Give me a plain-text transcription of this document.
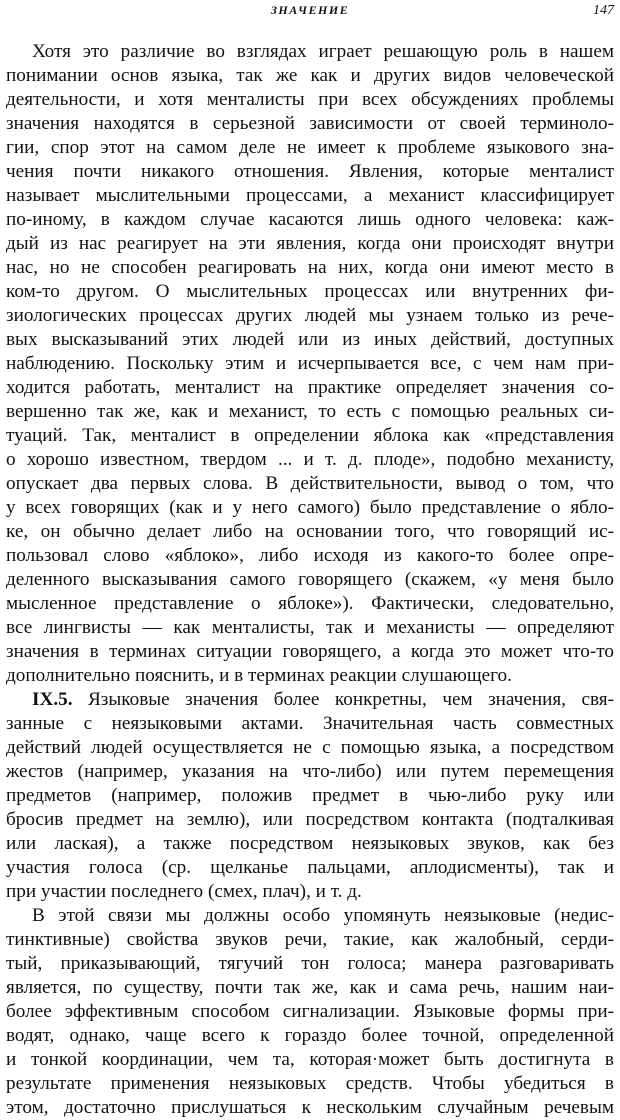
ЗНАЧЕНИЕ	147
Хотя это различие во взглядах играет решающую роль в нашем
понимании основ языка, так же как и других видов человеческой
деятельности, и хотя менталисты при всех обсуждениях проблемы
значения находятся в серьезной зависимости от своей терминоло-
гии, спор этот на самом деле не имеет к проблеме языкового зна-
чения почти никакого отношения. Явления, которые менталист
называет мыслительными процессами, а механист классифицирует
по-иному, в каждом случае касаются лишь одного человека: каж-
дый из нас реагирует на эти явления, когда они происходят внутри
нас, но не способен реагировать на них, когда они имеют место в
ком-то другом. О мыслительных процессах или внутренних фи-
зиологических процессах других людей мы узнаем только из рече-
вых высказываний этих людей или из иных действий, доступных
наблюдению. Поскольку этим и исчерпывается все, с чем нам при-
ходится работать, менталист на практике определяет значения со-
вершенно так же, как и механист, то есть с помощью реальных си-
туаций. Так, менталист в определении яблока как «представления
о хорошо известном, твердом ... и т. д. плоде», подобно механисту,
опускает два первых слова. В действительности, вывод о том, что
у всех говорящих (как и у него самого) было представление о ябло-
ке, он обычно делает либо на основании того, что говорящий ис-
пользовал слово «яблоко», либо исходя из какого-то более опре-
деленного высказывания самого говорящего (скажем, «у меня было
мысленное представление о яблоке»). Фактически, следовательно,
все лингвисты — как менталисты, так и механисты — определяют
значения в терминах ситуации говорящего, а когда это может что-то
дополнительно пояснить, и в терминах реакции слушающего.
IX.5. Языковые значения более конкретны, чем значения, свя-
занные с неязыковыми актами. Значительная часть совместных
действий людей осуществляется не с помощью языка, а посредством
жестов (например, указания на что-либо) или путем перемещения
предметов (например, положив предмет в чью-либо руку или
бросив предмет на землю), или посредством контакта (подталкивая
или лаская), а также посредством неязыковых звуков, как без
участия голоса (ср. щелканье пальцами, аплодисменты), так и
при участии последнего (смех, плач), и т. д.
В этой связи мы должны особо упомянуть неязыковые (недис-
тинктивные) свойства звуков речи, такие, как жалобный, серди-
тый, приказывающий, тягучий тон голоса; манера разговаривать
является, по существу, почти так же, как и сама речь, нашим наи-
более эффективным способом сигнализации. Языковые формы при-
водят, однако, чаще всего к гораздо более точной, определенной
и тонкой координации, чем та, которая·может быть достигнута в
результате применения неязыковых средств. Чтобы убедиться в
этом, достаточно прислушаться к нескольким случайным речевым
